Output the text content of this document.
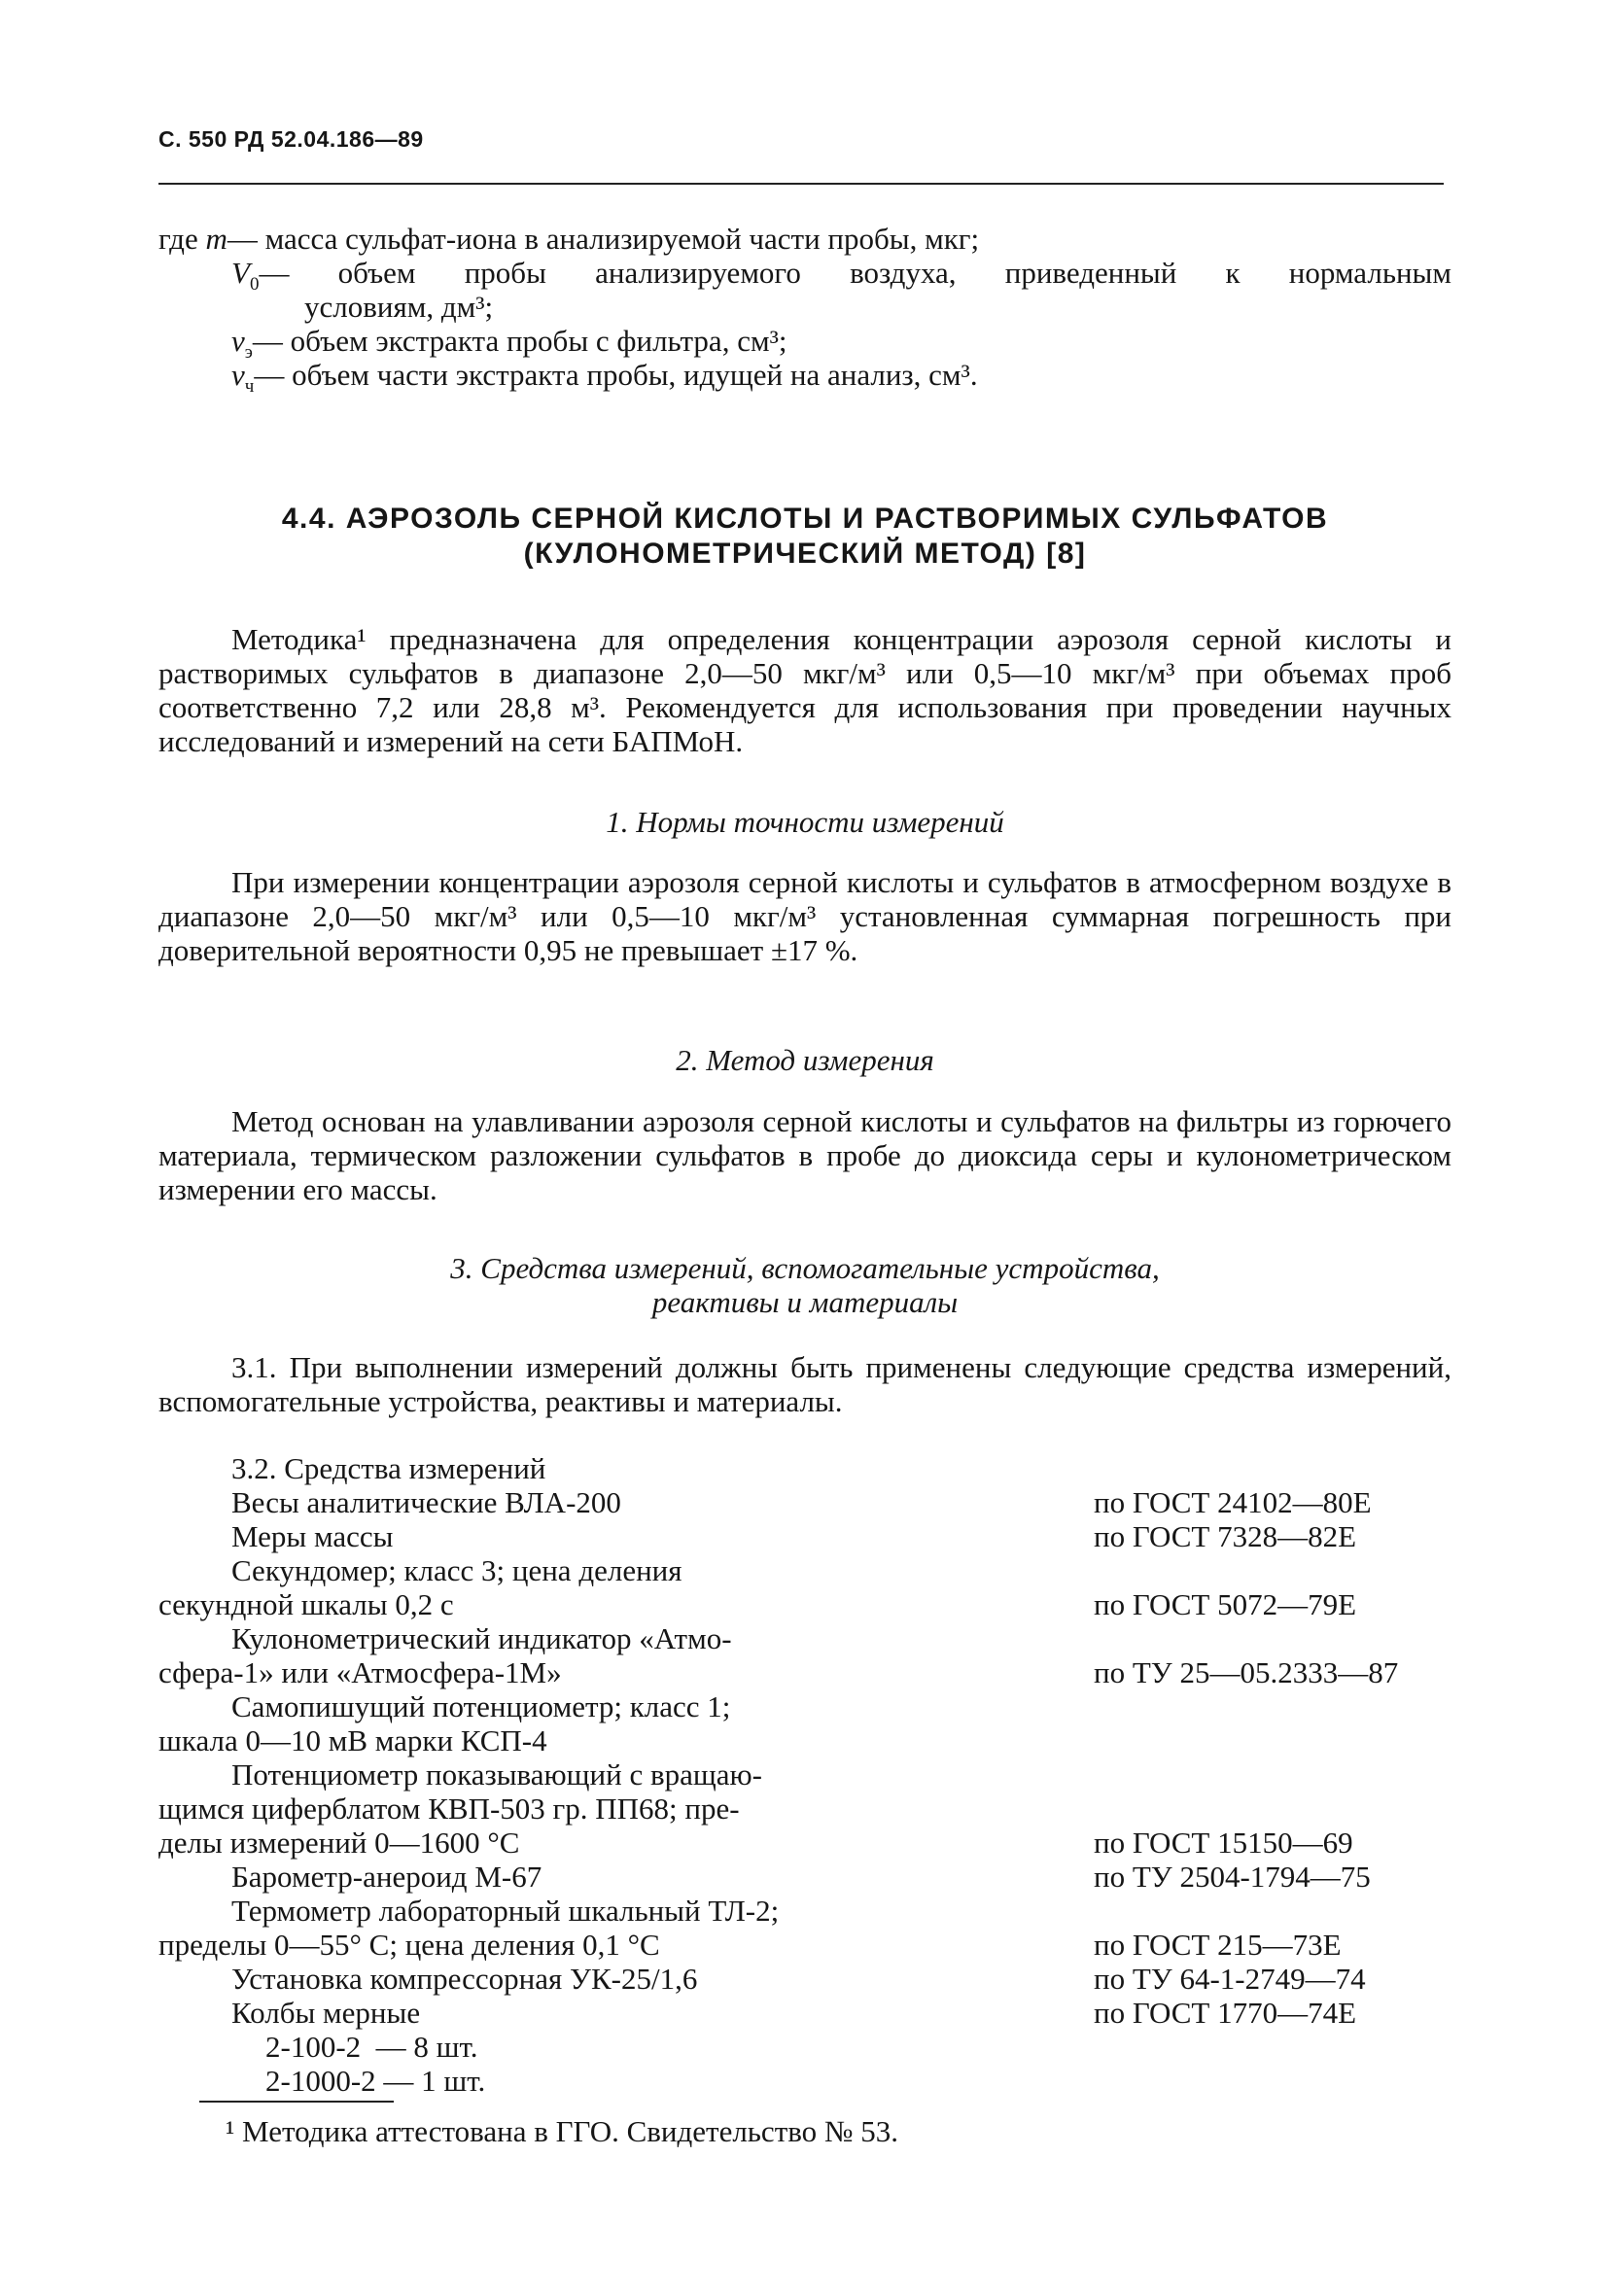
С. 550 РД 52.04.186—89
где m — масса сульфат-иона в анализируемой части пробы, мкг;
$V_0$ — объем пробы анализируемого воздуха, приведенный к нормальным
условиям, дм³;
$v_э$ — объем экстракта пробы с фильтра, см³;
$v_ч$ — объем части экстракта пробы, идущей на анализ, см³.
4.4. АЭРОЗОЛЬ СЕРНОЙ КИСЛОТЫ И РАСТВОРИМЫХ СУЛЬФАТОВ
(КУЛОНОМЕТРИЧЕСКИЙ МЕТОД) [8]
Методика¹ предназначена для определения концентрации аэрозоля серной кислоты и растворимых сульфатов в диапазоне 2,0—50 мкг/м³ или 0,5—10 мкг/м³ при объемах проб соответственно 7,2 или 28,8 м³. Рекомендуется для использования при проведении научных исследований и измерений на сети БАПМоН.
1. Нормы точности измерений
При измерении концентрации аэрозоля серной кислоты и сульфатов в атмосферном воздухе в диапазоне 2,0—50 мкг/м³ или 0,5—10 мкг/м³ установленная суммарная погрешность при доверительной вероятности 0,95 не превышает ±17 %.
2. Метод измерения
Метод основан на улавливании аэрозоля серной кислоты и сульфатов на фильтры из горючего материала, термическом разложении сульфатов в пробе до диоксида серы и кулонометрическом измерении его массы.
3. Средства измерений, вспомогательные устройства,
реактивы и материалы
3.1. При выполнении измерений должны быть применены следующие средства измерений, вспомогательные устройства, реактивы и материалы.
3.2. Средства измерений
Весы аналитические ВЛА-200	по ГОСТ 24102—80Е
Меры массы	по ГОСТ 7328—82Е
Секундомер; класс 3; цена деления
секундной шкалы 0,2 с	по ГОСТ 5072—79Е
Кулонометрический индикатор «Атмо-
сфера-1» или «Атмосфера-1М»	по ТУ 25—05.2333—87
Самопишущий потенциометр; класс 1;
шкала 0—10 мВ марки КСП-4
Потенциометр показывающий с вращаю-
щимся циферблатом КВП-503 гр. ПП68; пре-
делы измерений 0—1600 °С	по ГОСТ 15150—69
Барометр-анероид М-67	по ТУ 2504-1794—75
Термометр лабораторный шкальный ТЛ-2;
пределы 0—55° С; цена деления 0,1 °С	по ГОСТ 215—73Е
Установка компрессорная УК-25/1,6	по ТУ 64-1-2749—74
Колбы мерные	по ГОСТ 1770—74Е
2-100-2  — 8 шт.
2-1000-2 — 1 шт.
¹ Методика аттестована в ГГО. Свидетельство № 53.
